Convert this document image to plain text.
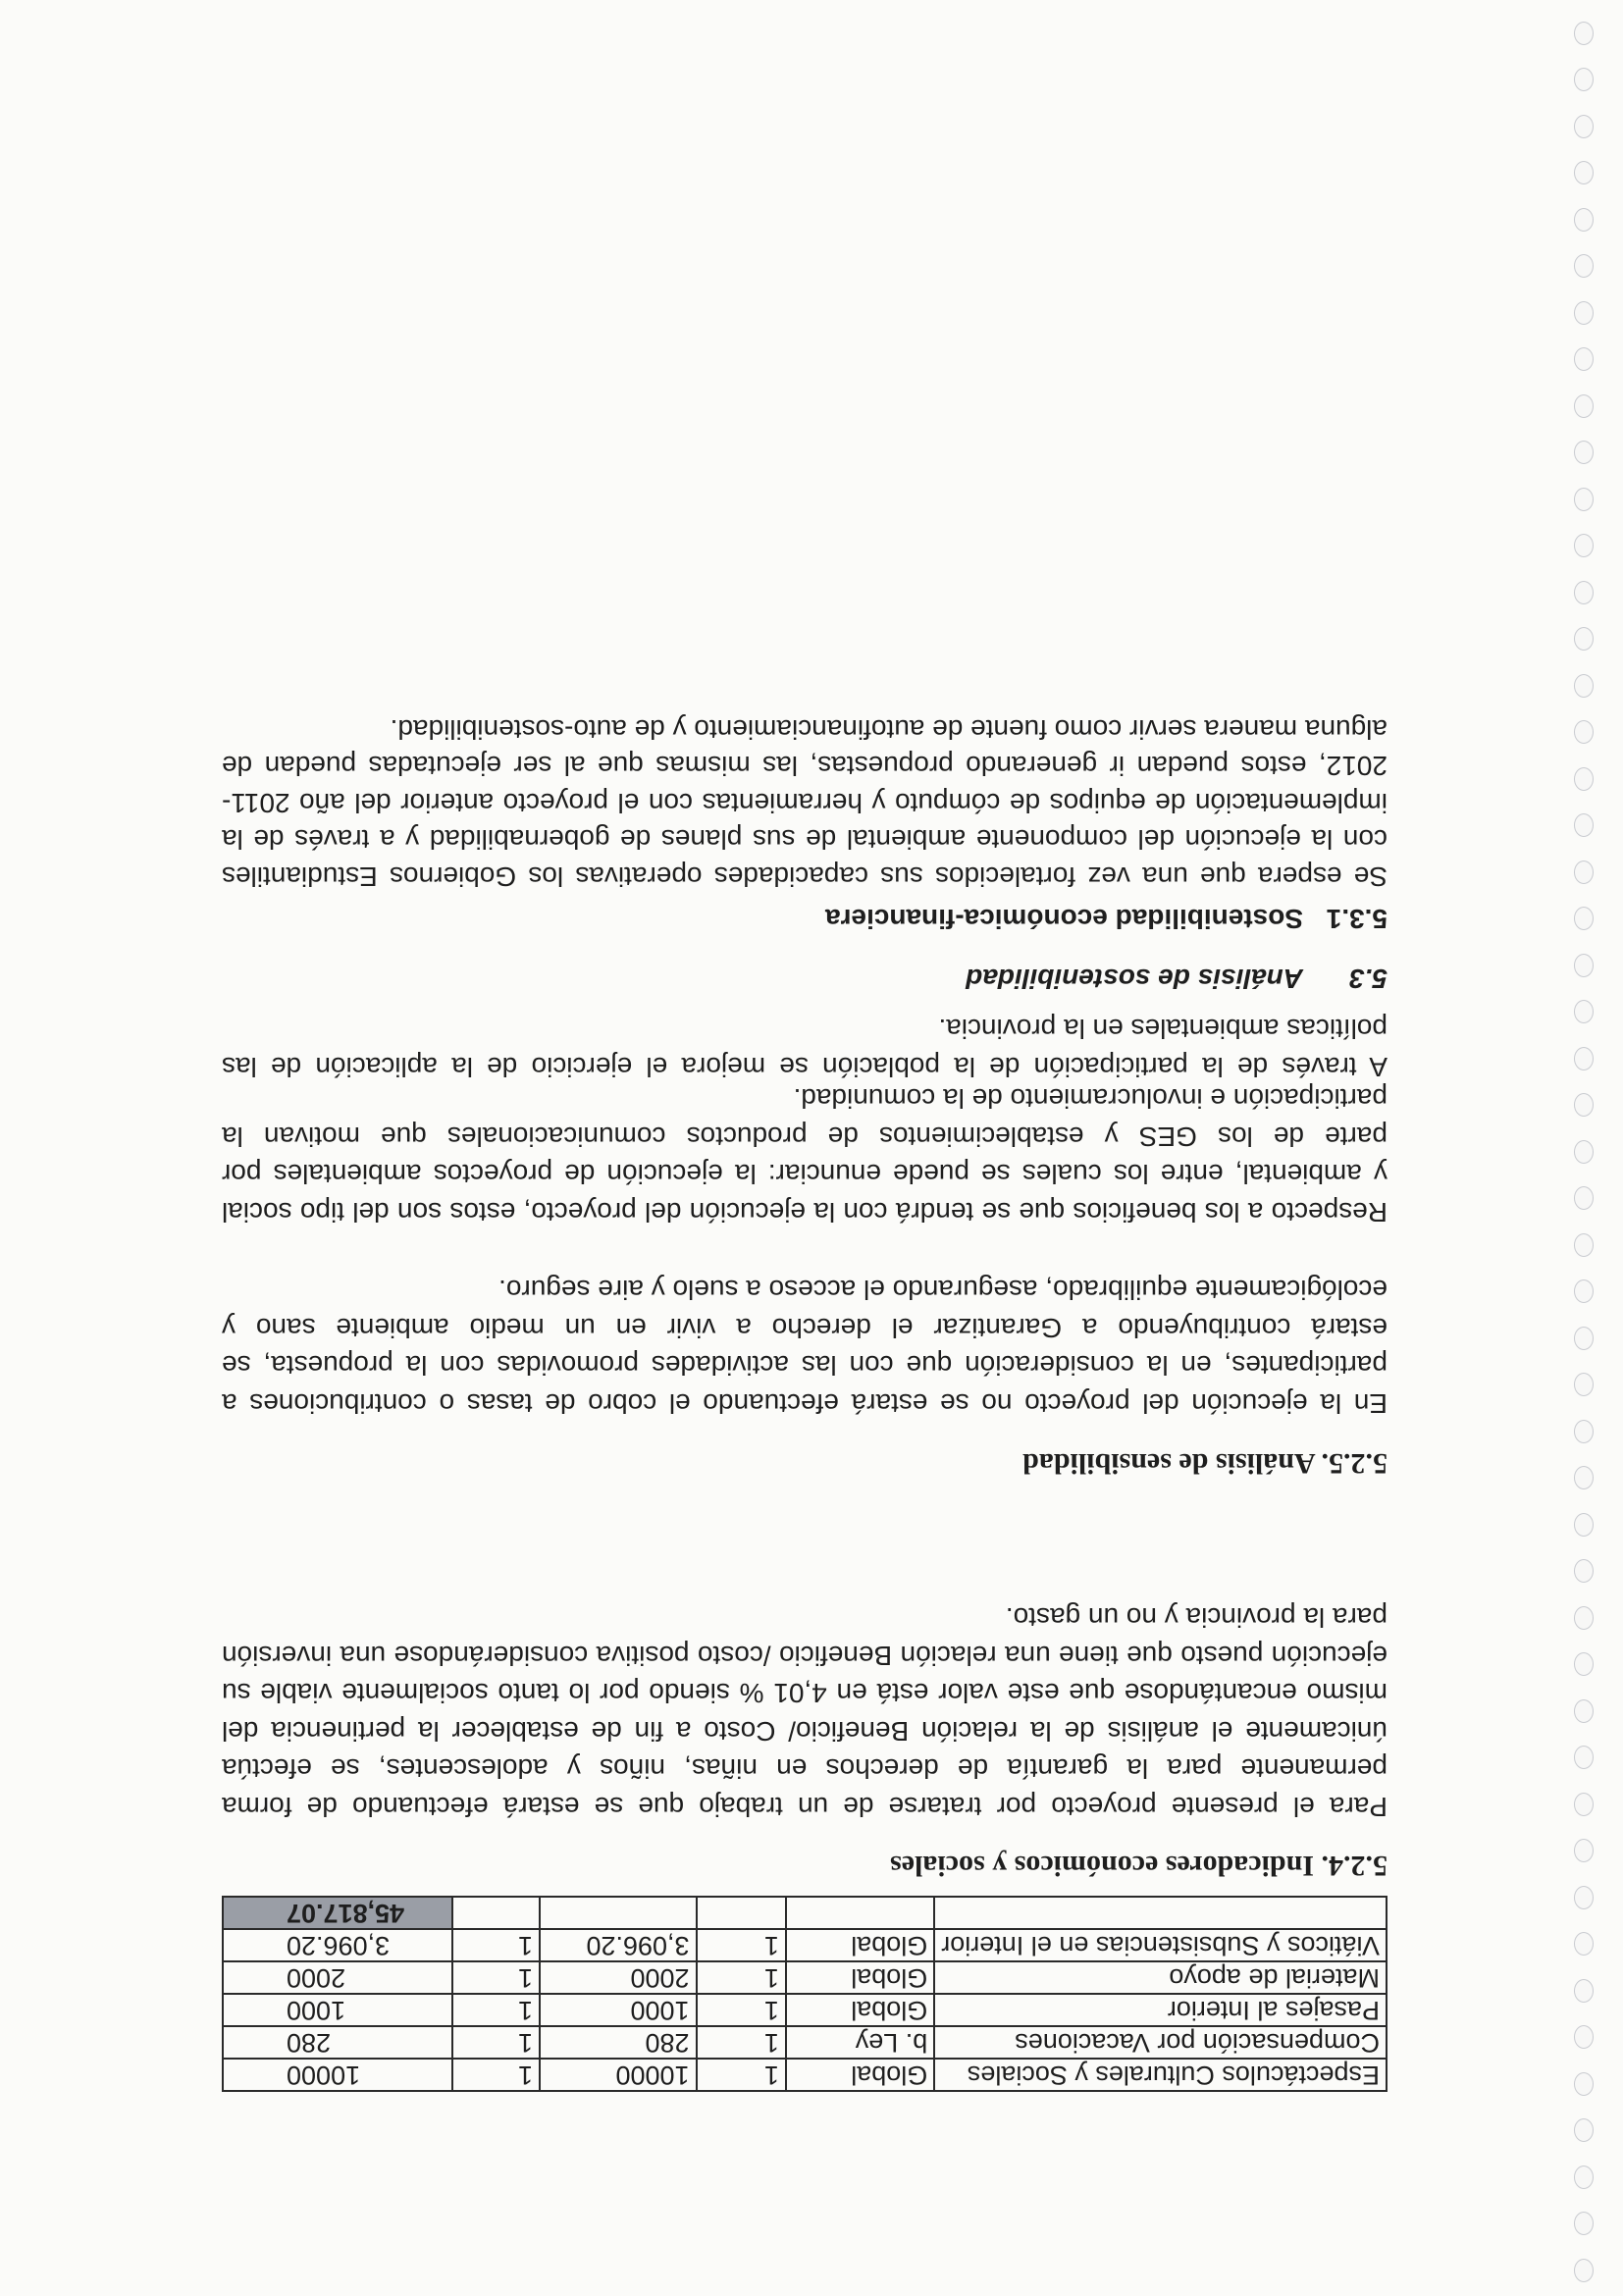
Espectáculos Culturales y Sociales	Global	1	10000	1	10000
Compensación por Vacaciones	b. Ley	1	280	1	280
Pasajes al Interior	Global	1	1000	1	1000
Material de apoyo	Global	1	2000	1	2000
Viáticos y Subsistencias en el Interior	Global	1	3,096.20	1	3,096.20
					45,817.07
5.2.4. Indicadores económicos y sociales
Para el presente proyecto por tratarse de un trabajo que se estará efectuando de forma permanente para la garantía de derechos en niñas, niños y adolescentes, se efectúa únicamente el análisis de la relación Beneficio/ Costo a fin de establecer la pertinencia del mismo encantándose que este valor está en 4,01 % siendo por lo tanto socialmente viable su ejecución puesto que tiene una relación Beneficio /costo positiva considerándose una inversión para la provincia y no un gasto.
5.2.5. Análisis de sensibilidad
En la ejecución del proyecto no se estará efectuando el cobro de tasas o contribuciones a participantes, en la consideración que con las actividades promovidas con la propuesta, se estará contribuyendo a Garantizar el derecho a vivir en un medio ambiente sano y ecológicamente equilibrado, asegurando el acceso a suelo y aire seguro.
Respecto a los beneficios que se tendrá con la ejecución del proyecto, estos son del tipo social y ambiental, entre los cuales se puede enunciar: la ejecución de proyectos ambientales por parte de los GES y establecimientos de productos comunicacionales que motivan la participación e involucramiento de la comunidad.
A través de la participación de la población se mejora el ejercicio de la aplicación de las políticas ambientales en la provincia.
5.3
Análisis de sostenibilidad
5.3.1
Sostenibilidad económica-financiera
Se espera que una vez fortalecidos sus capacidades operativas los Gobiernos Estudiantiles con la ejecución del componente ambiental de sus planes de gobernabilidad y a través de la implementación de equipos de cómputo y herramientas con el proyecto anterior del año 2011- 2012, estos puedan ir generando propuestas, las mismas que al ser ejecutadas puedan de alguna manera servir como fuente de autofinanciamiento y de auto-sostenibilidad.
